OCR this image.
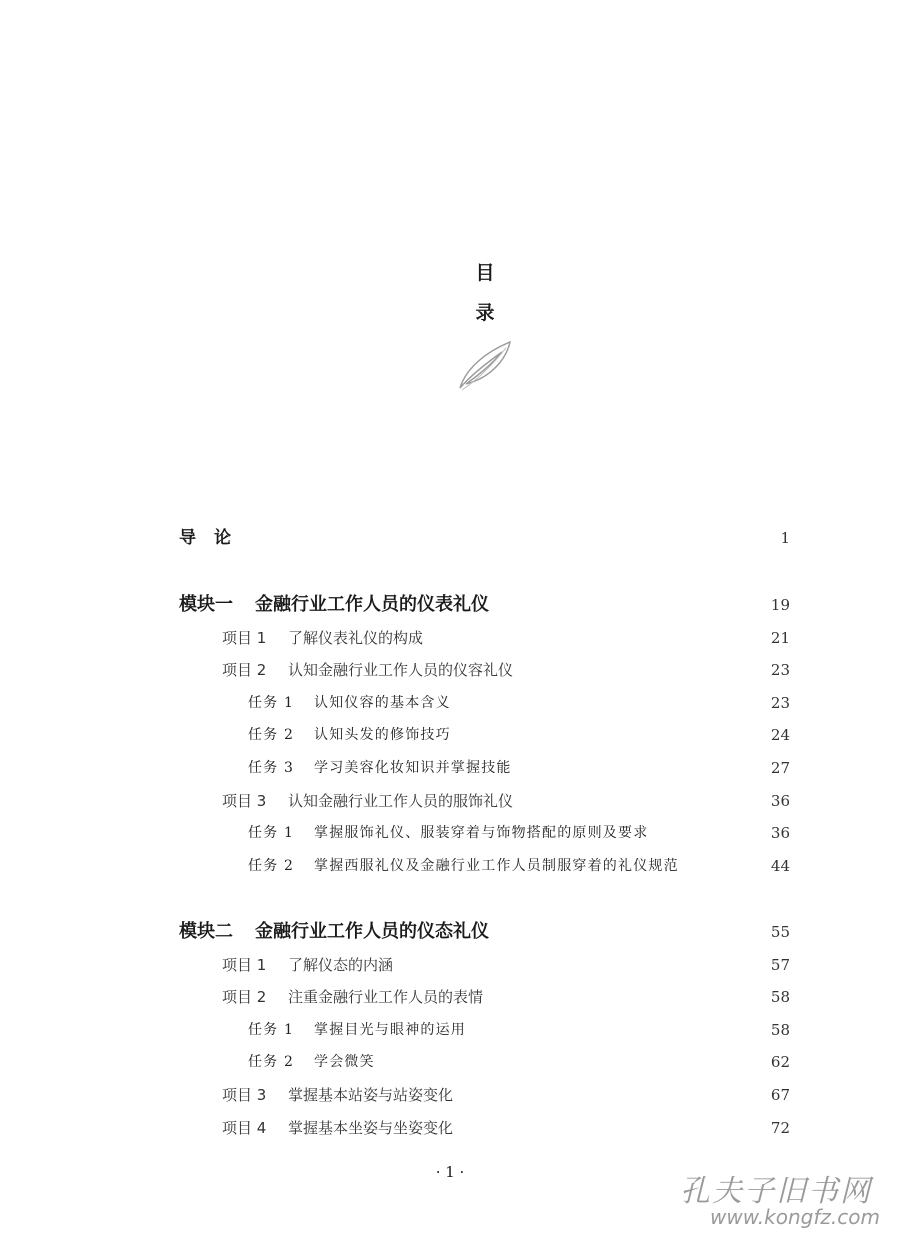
目
录
导论	1
模块一 金融行业工作人员的仪表礼仪	19
项目 1 了解仪表礼仪的构成	21
项目 2 认知金融行业工作人员的仪容礼仪	23
任务 1 认知仪容的基本含义	23
任务 2 认知头发的修饰技巧	24
任务 3 学习美容化妆知识并掌握技能	27
项目 3 认知金融行业工作人员的服饰礼仪	36
任务 1 掌握服饰礼仪、服装穿着与饰物搭配的原则及要求	36
任务 2 掌握西服礼仪及金融行业工作人员制服穿着的礼仪规范	44
模块二 金融行业工作人员的仪态礼仪	55
项目 1 了解仪态的内涵	57
项目 2 注重金融行业工作人员的表情	58
任务 1 掌握目光与眼神的运用	58
任务 2 学会微笑	62
项目 3 掌握基本站姿与站姿变化	67
项目 4 掌握基本坐姿与坐姿变化	72
· 1 ·
孔夫子旧书网
www.kongfz.com
